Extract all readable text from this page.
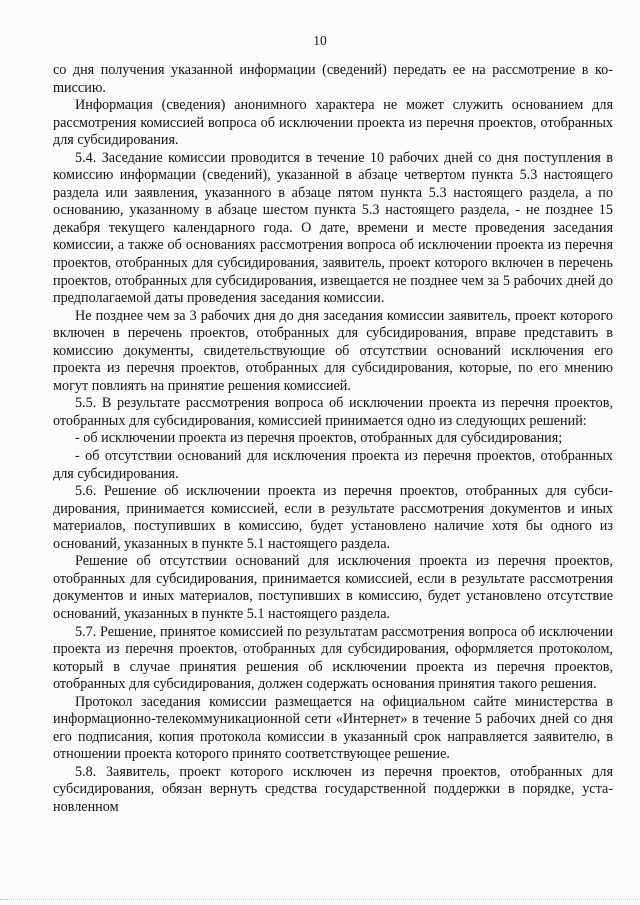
10

со дня получения указанной информации (сведений) передать ее на рассмотрение в коmиссию.

Информация (сведения) анонимного характера не может служить основанием для рассмотрения комиссией вопроса об исключении проекта из перечня проектов, отобранных для субсидирования.

5.4. Заседание комиссии проводится в течение 10 рабочих дней со дня поступления в комиссию информации (сведений), указанной в абзаце четвертом пункта 5.3 настоящего раздела или заявления, указанного в абзаце пятом пункта 5.3 настоящего раздела, а по основанию, указанному в абзаце шестом пункта 5.3 настоящего раздела, - не позднее 15 декабря текущего календарного года. О дате, времени и месте проведения заседания комиссии, а также об основаниях рассмотрения вопроса об исключении проекта из перечня проектов, отобранных для субсидирования, заявитель, проект которого включен в перечень проектов, отобранных для субсидирования, извещается не позднее чем за 5 рабочих дней до предполагаемой даты проведения заседания комиссии.

Не позднее чем за 3 рабочих дня до дня заседания комиссии заявитель, проект которого включен в перечень проектов, отобранных для субсидирования, вправе представить в комиссию документы, свидетельствующие об отсутствии оснований исключения его проекта из перечня проектов, отобранных для субсидирования, которые, по его мнению могут повлиять на принятие решения комиссией.

5.5. В результате рассмотрения вопроса об исключении проекта из перечня проектов, отобранных для субсидирования, комиссией принимается одно из следующих решений:

- об исключении проекта из перечня проектов, отобранных для субсидирования;

- об отсутствии оснований для исключения проекта из перечня проектов, отобранных для субсидирования.

5.6. Решение об исключении проекта из перечня проектов, отобранных для субсидирования, принимается комиссией, если в результате рассмотрения документов и иных материалов, поступивших в комиссию, будет установлено наличие хотя бы одного из оснований, указанных в пункте 5.1 настоящего раздела.

Решение об отсутствии оснований для исключения проекта из перечня проектов, отобранных для субсидирования, принимается комиссией, если в результате рассмотрения документов и иных материалов, поступивших в комиссию, будет установлено отсутствие оснований, указанных в пункте 5.1 настоящего раздела.

5.7. Решение, принятое комиссией по результатам рассмотрения вопроса об исключении проекта из перечня проектов, отобранных для субсидирования, оформляется протоколом, который в случае принятия решения об исключении проекта из перечня проектов, отобранных для субсидирования, должен содержать основания принятия такого решения.

Протокол заседания комиссии размещается на официальном сайте министерства в информационно-телекоммуникационной сети «Интернет» в течение 5 рабочих дней со дня его подписания, копия протокола комиссии в указанный срок направляется заявителю, в отношении проекта которого принято соответствующее решение.

5.8. Заявитель, проект которого исключен из перечня проектов, отобранных для субсидирования, обязан вернуть средства государственной поддержки в порядке, установленном
